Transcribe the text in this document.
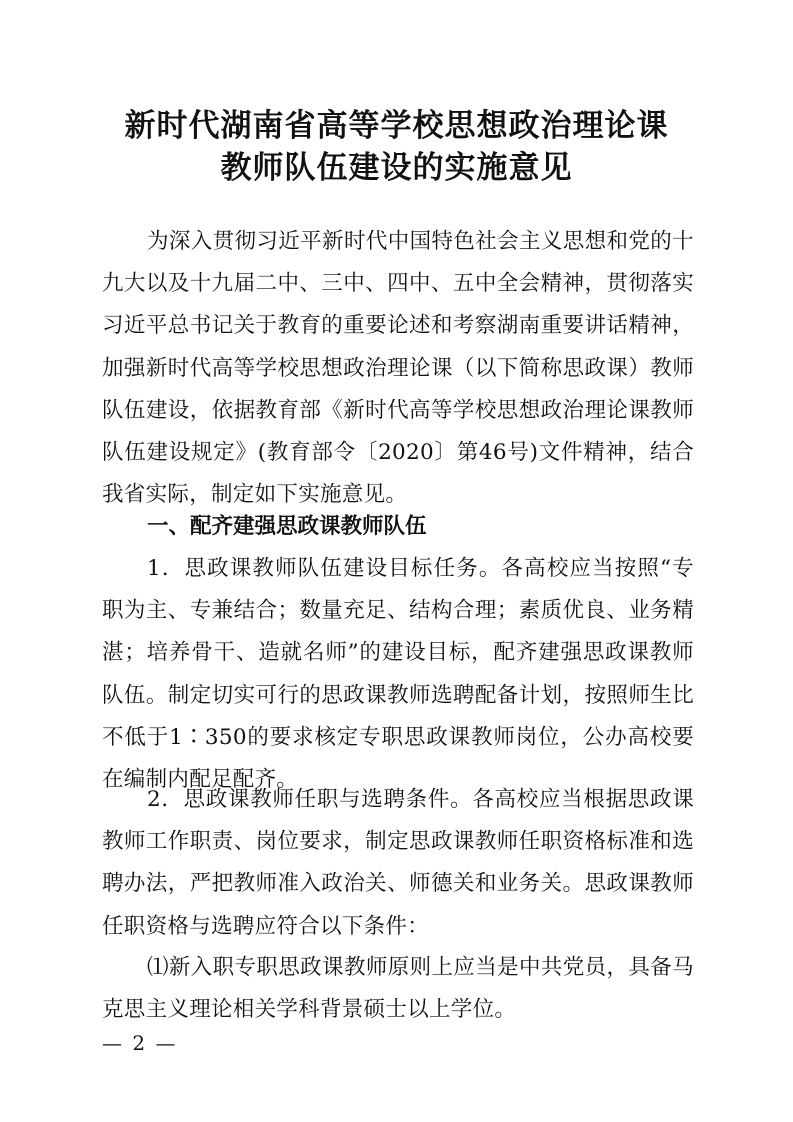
新时代湖南省高等学校思想政治理论课
教师队伍建设的实施意见
为深入贯彻习近平新时代中国特色社会主义思想和党的十九大以及十九届二中、三中、四中、五中全会精神，贯彻落实习近平总书记关于教育的重要论述和考察湖南重要讲话精神，加强新时代高等学校思想政治理论课（以下简称思政课）教师队伍建设，依据教育部《新时代高等学校思想政治理论课教师队伍建设规定》(教育部令〔2020〕第46号)文件精神，结合我省实际，制定如下实施意见。
一、配齐建强思政课教师队伍
1．思政课教师队伍建设目标任务。各高校应当按照“专职为主、专兼结合；数量充足、结构合理；素质优良、业务精湛；培养骨干、造就名师”的建设目标，配齐建强思政课教师队伍。制定切实可行的思政课教师选聘配备计划，按照师生比不低于1∶350的要求核定专职思政课教师岗位，公办高校要在编制内配足配齐。
2．思政课教师任职与选聘条件。各高校应当根据思政课教师工作职责、岗位要求，制定思政课教师任职资格标准和选聘办法，严把教师准入政治关、师德关和业务关。思政课教师任职资格与选聘应符合以下条件：
⑴新入职专职思政课教师原则上应当是中共党员，具备马克思主义理论相关学科背景硕士以上学位。
— 2 —
